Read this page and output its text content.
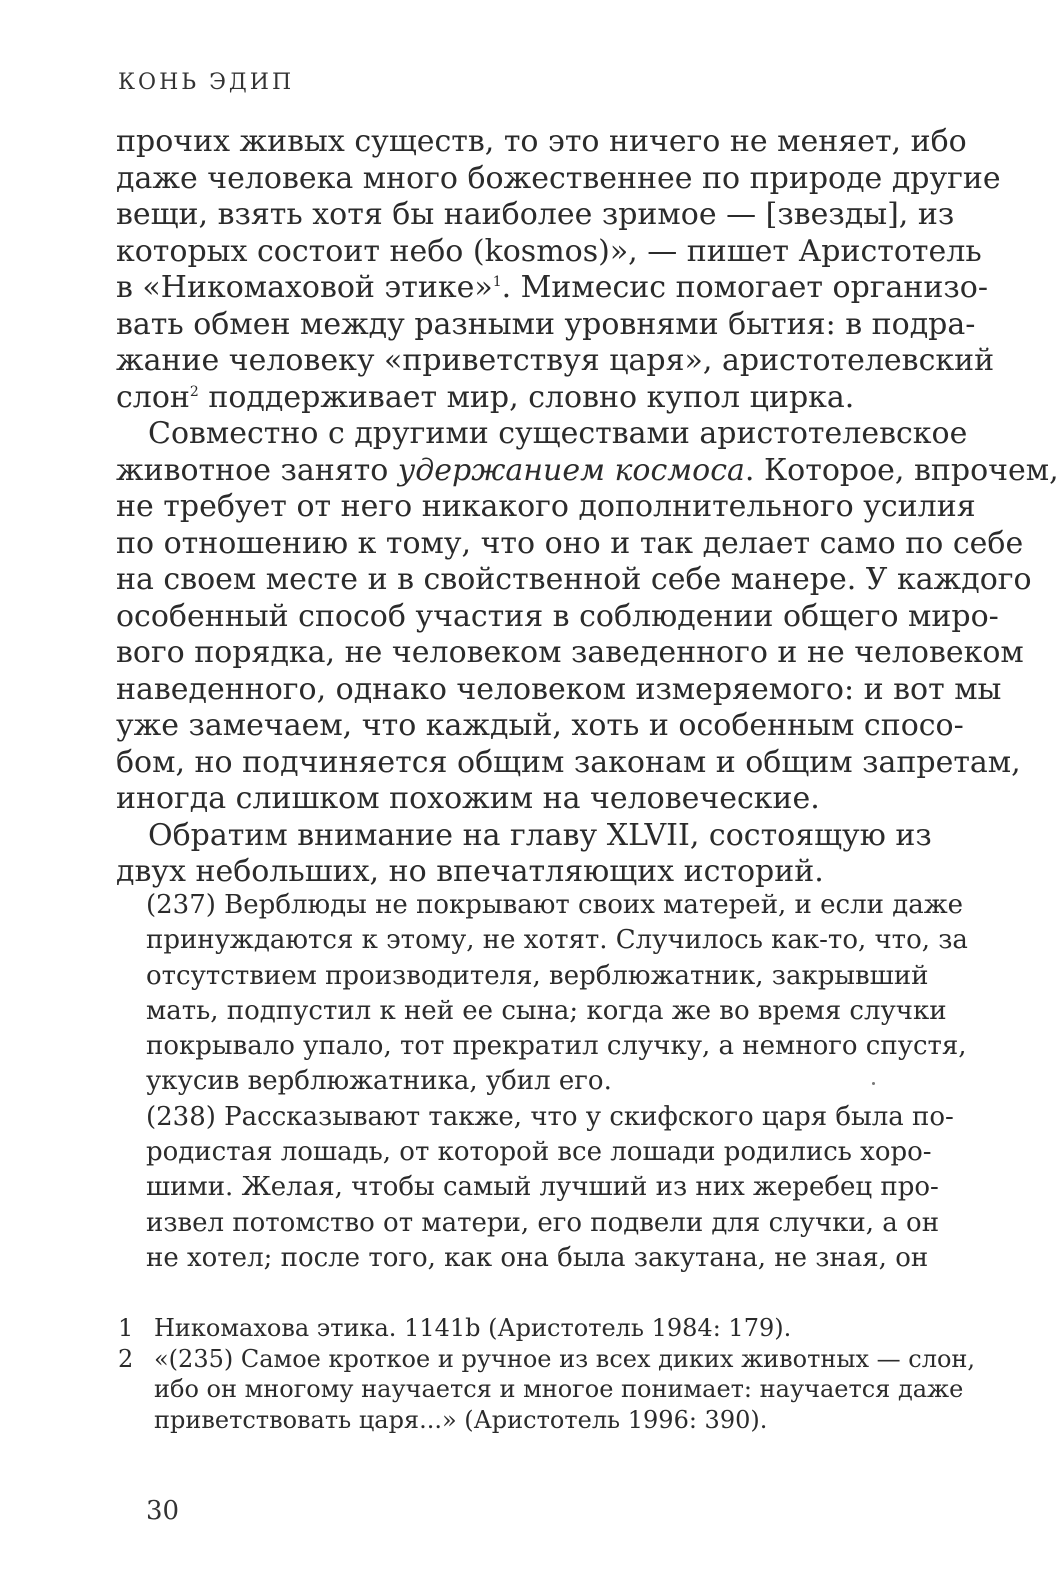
КОНЬ ЭДИП
прочих живых существ, то это ничего не меняет, ибо
даже человека много божественнее по природе другие
вещи, взять хотя бы наиболее зримое — [звезды], из
которых состоит небо (kosmos)», — пишет Аристотель
в «Никомаховой этике»$^1$. Мимесис помогает организо-
вать обмен между разными уровнями бытия: в подра-
жание человеку «приветствуя царя», аристотелевский
слон$^2$ поддерживает мир, словно купол цирка.
Совместно с другими существами аристотелевское
животное занято удержанием космоса. Которое, впрочем,
не требует от него никакого дополнительного усилия
по отношению к тому, что оно и так делает само по себе
на своем месте и в свойственной себе манере. У каждого
особенный способ участия в соблюдении общего миро-
вого порядка, не человеком заведенного и не человеком
наведенного, однако человеком измеряемого: и вот мы
уже замечаем, что каждый, хоть и особенным спосо-
бом, но подчиняется общим законам и общим запретам,
иногда слишком похожим на человеческие.
Обратим внимание на главу XLVII, состоящую из
двух небольших, но впечатляющих историй.
(237) Верблюды не покрывают своих матерей, и если даже
принуждаются к этому, не хотят. Случилось как-то, что, за
отсутствием производителя, верблюжатник, закрывший
мать, подпустил к ней ее сына; когда же во время случки
покрывало упало, тот прекратил случку, а немного спустя,
укусив верблюжатника, убил его.
(238) Рассказывают также, что у скифского царя была по-
родистая лошадь, от которой все лошади родились хоро-
шими. Желая, чтобы самый лучший из них жеребец про-
извел потомство от матери, его подвели для случки, а он
не хотел; после того, как она была закутана, не зная, он
1 Никомахова этика. 1141b (Аристотель 1984: 179).
2 «(235) Самое кроткое и ручное из всех диких животных — слон,
ибо он многому научается и многое понимает: научается даже
приветствовать царя...» (Аристотель 1996: 390).
30
